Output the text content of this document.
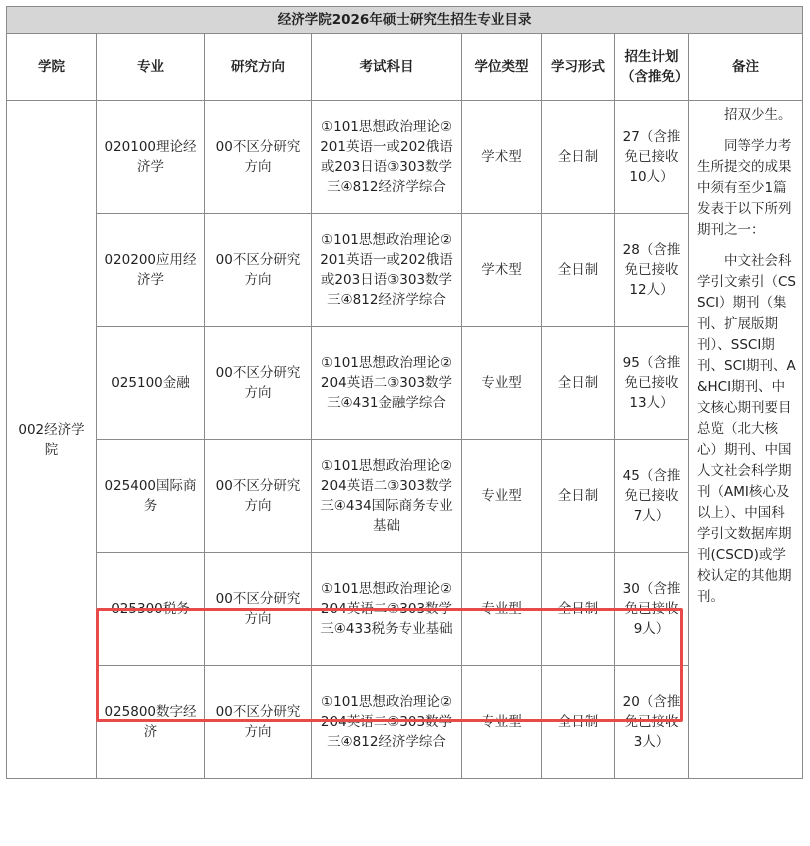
经济学院2026年硕士研究生招生专业目录							
学院	专业	研究方向	考试科目	学位类型	学习形式	招生计划（含推免）	备注
002经济学院	020100理论经济学	00不区分研究方向	①101思想政治理论②201英语一或202俄语或203日语③303数学三④812经济学综合	学术型	全日制	27（含推免已接收10人）	招双少生。

同等学力考生所提交的成果中须有至少1篇发表于以下所列期刊之一：

中文社会科学引文索引（CSSCI）期刊（集刊、扩展版期刊）、SSCI期刊、SCI期刊、A&HCI期刊、中文核心期刊要目总览（北大核心）期刊、中国人文社会科学期刊（AMI核心及以上）、中国科学引文数据库期刊(CSCD)或学校认定的其他期刊。

	020200应用经济学	00不区分研究方向	①101思想政治理论②201英语一或202俄语或203日语③303数学三④812经济学综合	学术型	全日制	28（含推免已接收12人）	
	025100金融	00不区分研究方向	①101思想政治理论②204英语二③303数学三④431金融学综合	专业型	全日制	95（含推免已接收13人）	
	025400国际商务	00不区分研究方向	①101思想政治理论②204英语二③303数学三④434国际商务专业基础	专业型	全日制	45（含推免已接收7人）	
	025300税务	00不区分研究方向	①101思想政治理论②204英语二③303数学三④433税务专业基础	专业型	全日制	30（含推免已接收9人）	
	025800数字经济	00不区分研究方向	①101思想政治理论②204英语二③303数学三④812经济学综合	专业型	全日制	20（含推免已接收3人）	
